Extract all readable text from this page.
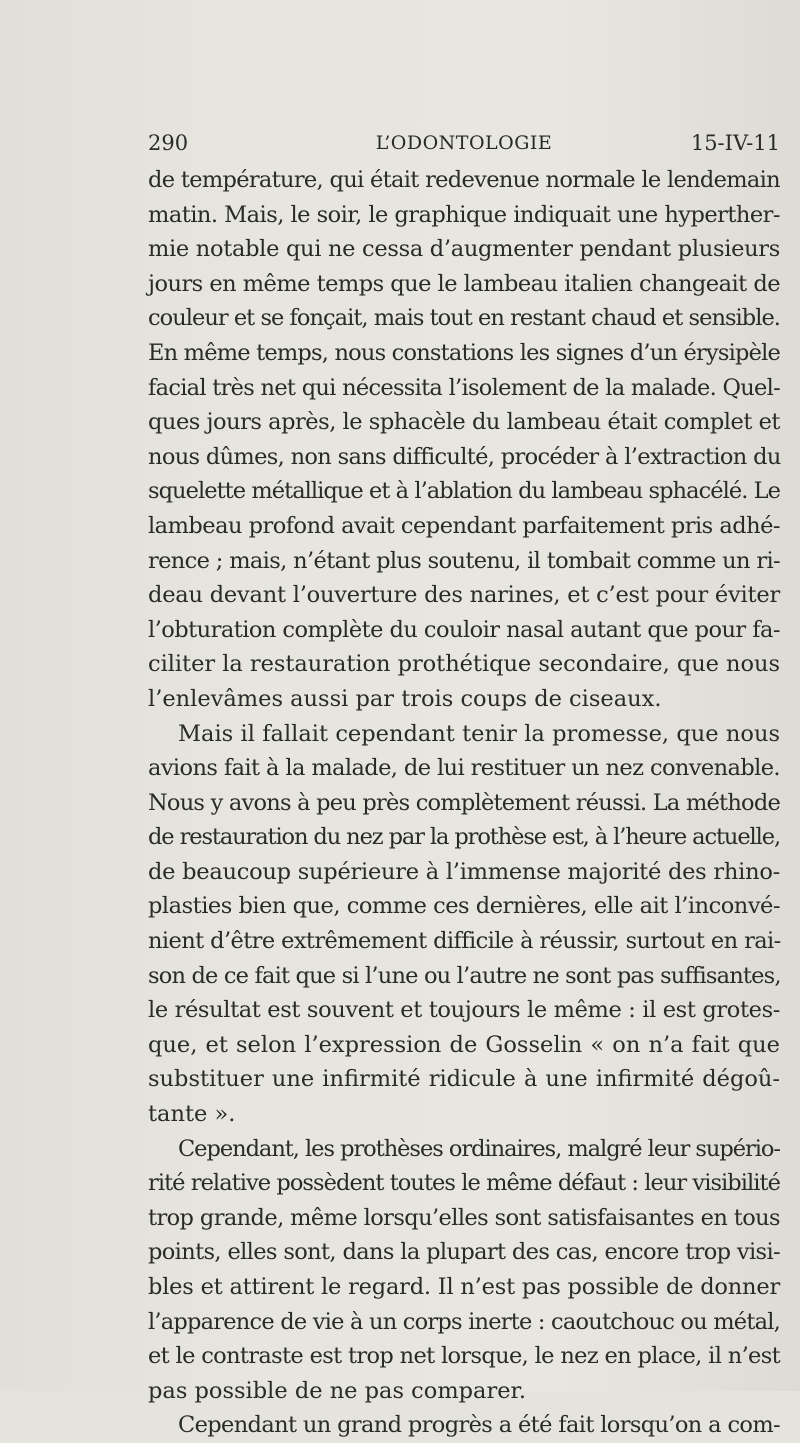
290	L’ODONTOLOGIE	15-IV-11
de température, qui était redevenue normale le lendemain
matin. Mais, le soir, le graphique indiquait une hyperther-
mie notable qui ne cessa d’augmenter pendant plusieurs
jours en même temps que le lambeau italien changeait de
couleur et se fonçait, mais tout en restant chaud et sensible.
En même temps, nous constations les signes d’un érysipèle
facial très net qui nécessita l’isolement de la malade. Quel-
ques jours après, le sphacèle du lambeau était complet et
nous dûmes, non sans difficulté, procéder à l’extraction du
squelette métallique et à l’ablation du lambeau sphacélé. Le
lambeau profond avait cependant parfaitement pris adhé-
rence ; mais, n’étant plus soutenu, il tombait comme un ri-
deau devant l’ouverture des narines, et c’est pour éviter
l’obturation complète du couloir nasal autant que pour fa-
ciliter la restauration prothétique secondaire, que nous
l’enlevâmes aussi par trois coups de ciseaux.
Mais il fallait cependant tenir la promesse, que nous
avions fait à la malade, de lui restituer un nez convenable.
Nous y avons à peu près complètement réussi. La méthode
de restauration du nez par la prothèse est, à l’heure actuelle,
de beaucoup supérieure à l’immense majorité des rhino-
plasties bien que, comme ces dernières, elle ait l’inconvé-
nient d’être extrêmement difficile à réussir, surtout en rai-
son de ce fait que si l’une ou l’autre ne sont pas suffisantes,
le résultat est souvent et toujours le même : il est grotes-
que, et selon l’expression de Gosselin « on n’a fait que
substituer une infirmité ridicule à une infirmité dégoû-
tante ».
Cependant, les prothèses ordinaires, malgré leur supério-
rité relative possèdent toutes le même défaut : leur visibilité
trop grande, même lorsqu’elles sont satisfaisantes en tous
points, elles sont, dans la plupart des cas, encore trop visi-
bles et attirent le regard. Il n’est pas possible de donner
l’apparence de vie à un corps inerte : caoutchouc ou métal,
et le contraste est trop net lorsque, le nez en place, il n’est
pas possible de ne pas comparer.
Cependant un grand progrès a été fait lorsqu’on a com-
